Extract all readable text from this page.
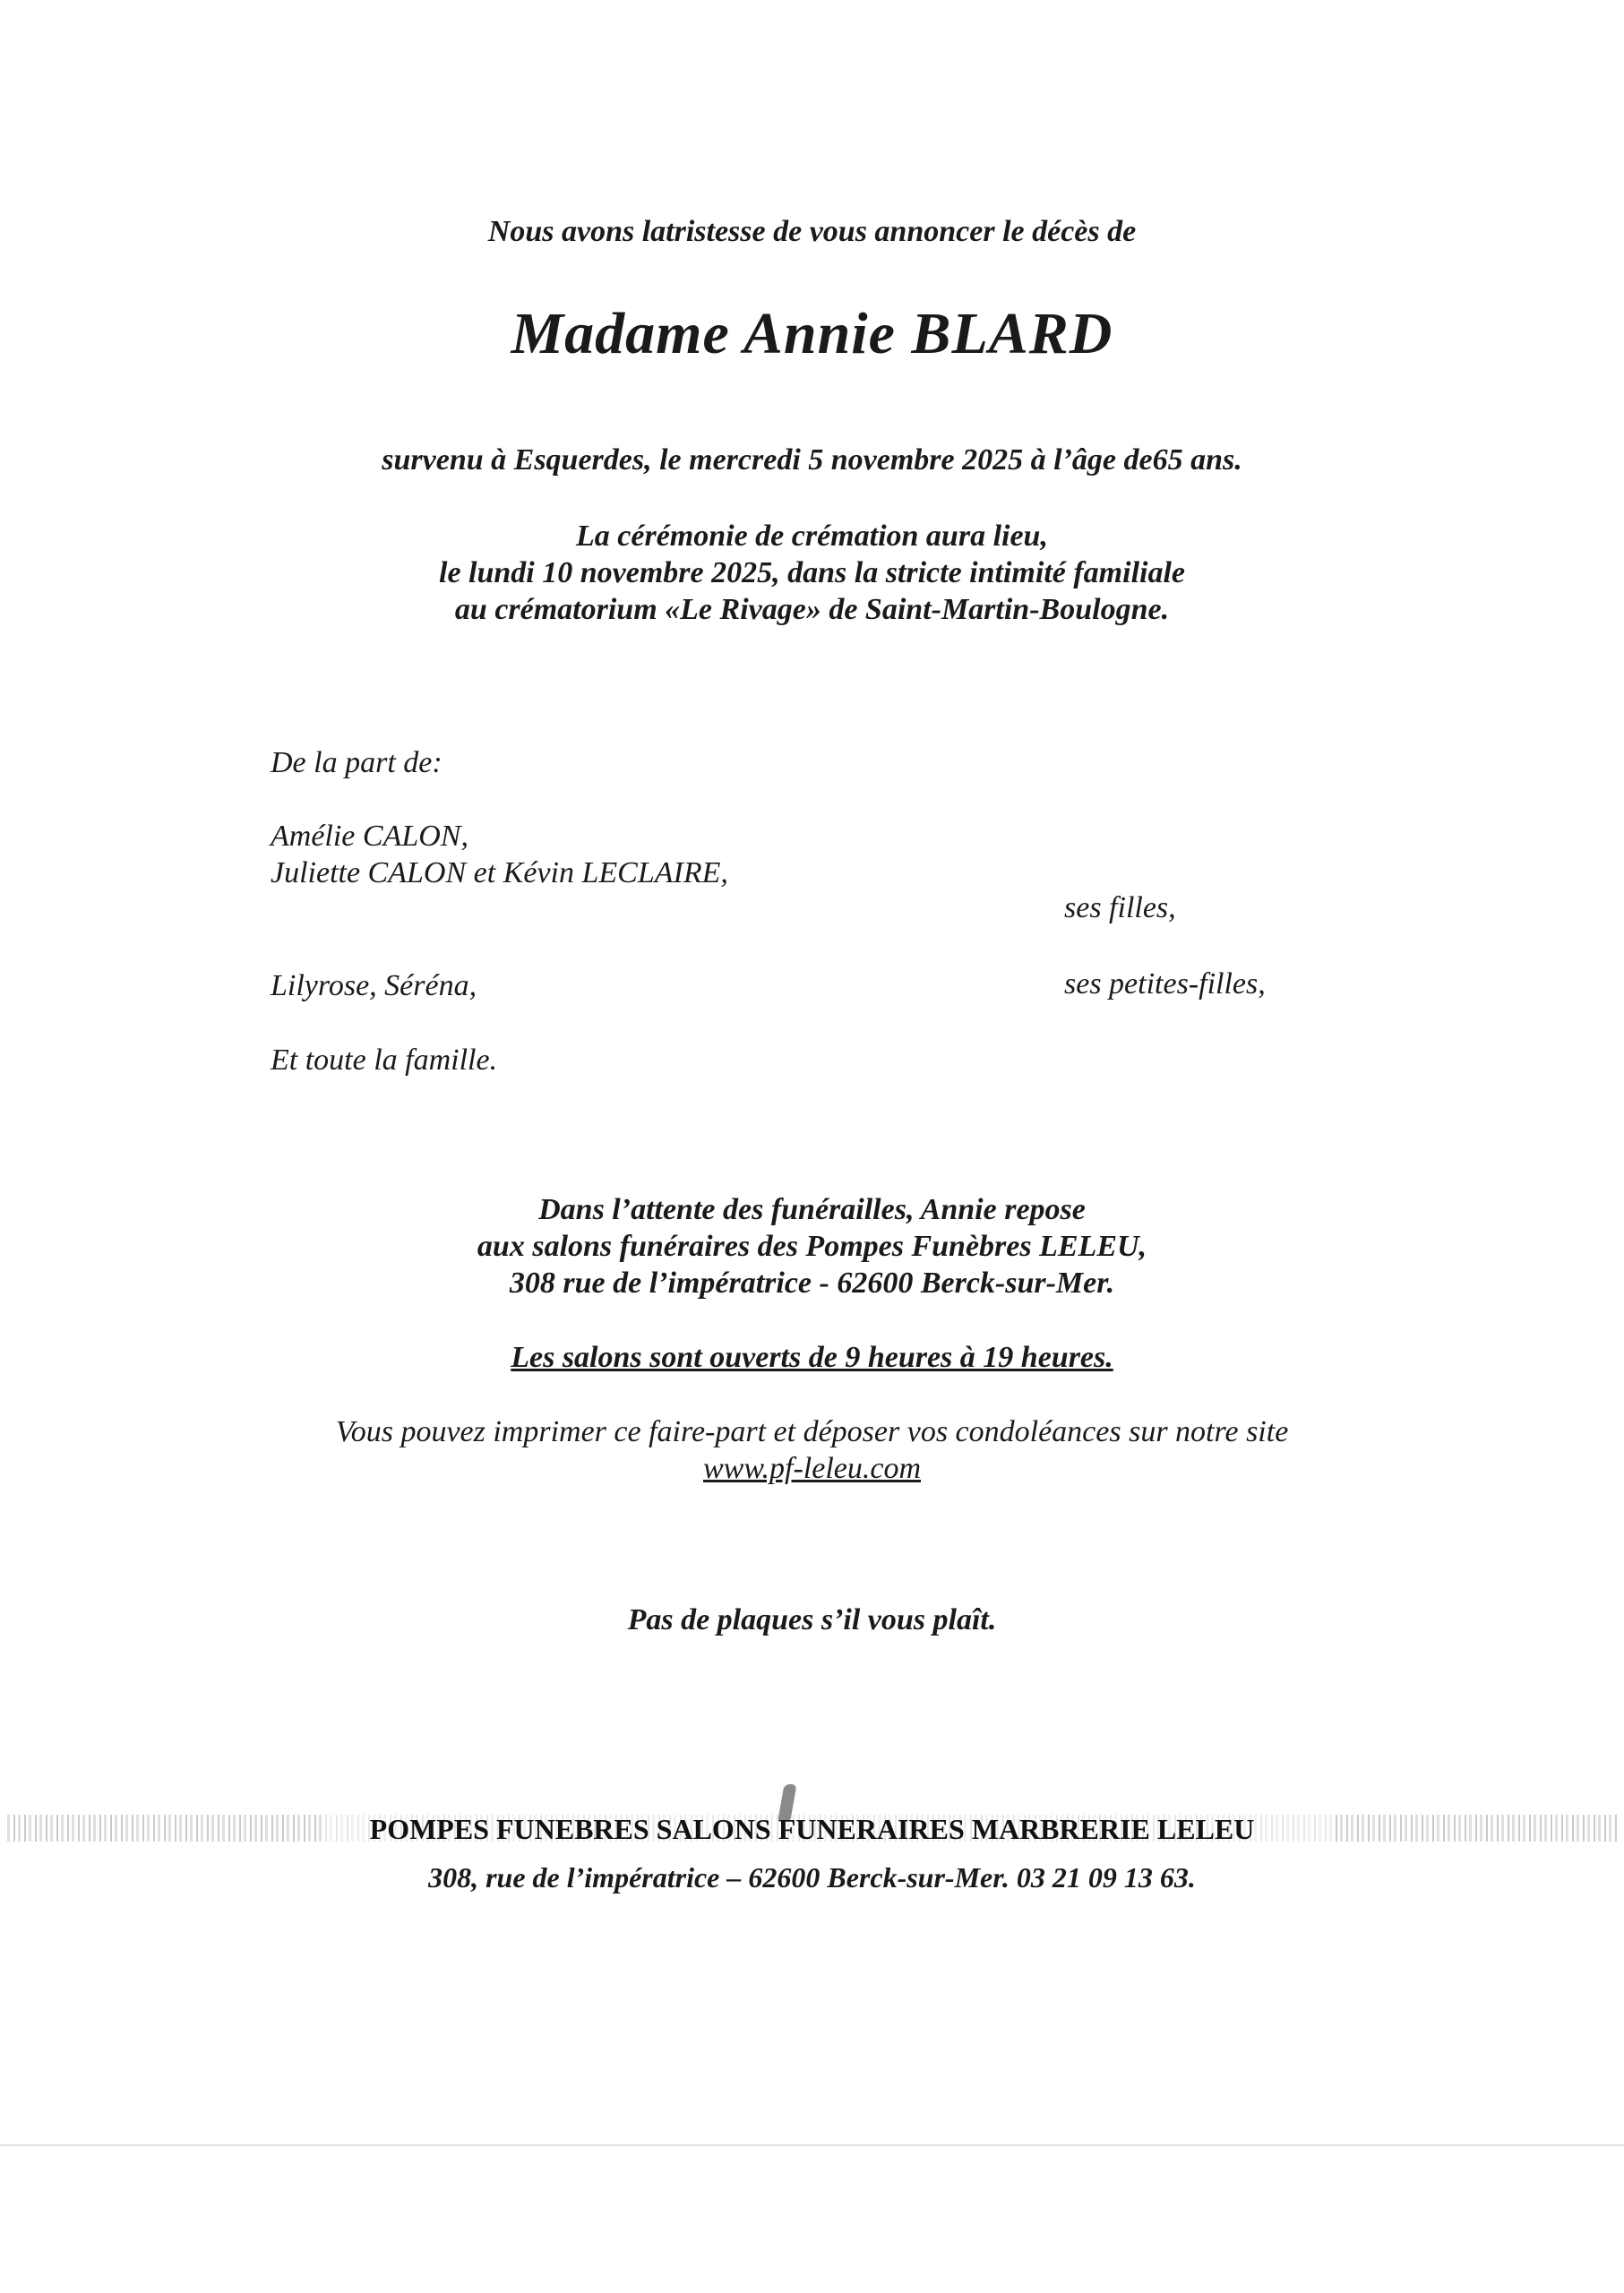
Nous avons latristesse de vous annoncer le décès de
Madame Annie BLARD
survenu à Esquerdes, le mercredi 5 novembre 2025 à l’âge de65 ans.
La cérémonie de crémation aura lieu,
le lundi 10 novembre 2025, dans la stricte intimité familiale
au crématorium «Le Rivage» de Saint-Martin-Boulogne.
De la part de:
Amélie CALON,
Juliette CALON et Kévin LECLAIRE,
ses filles,
Lilyrose, Séréna,	ses petites-filles,
Et toute la famille.
Dans l’attente des funérailles, Annie repose
aux salons funéraires des Pompes Funèbres LELEU,
308 rue de l’impératrice - 62600 Berck-sur-Mer.
Les salons sont ouverts de 9 heures à 19 heures.
Vous pouvez imprimer ce faire-part et déposer vos condoléances sur notre site
www.pf-leleu.com
Pas de plaques s’il vous plaît.
POMPES FUNEBRES SALONS FUNERAIRES MARBRERIE LELEU
308, rue de l’impératrice – 62600 Berck-sur-Mer. 03 21 09 13 63.
